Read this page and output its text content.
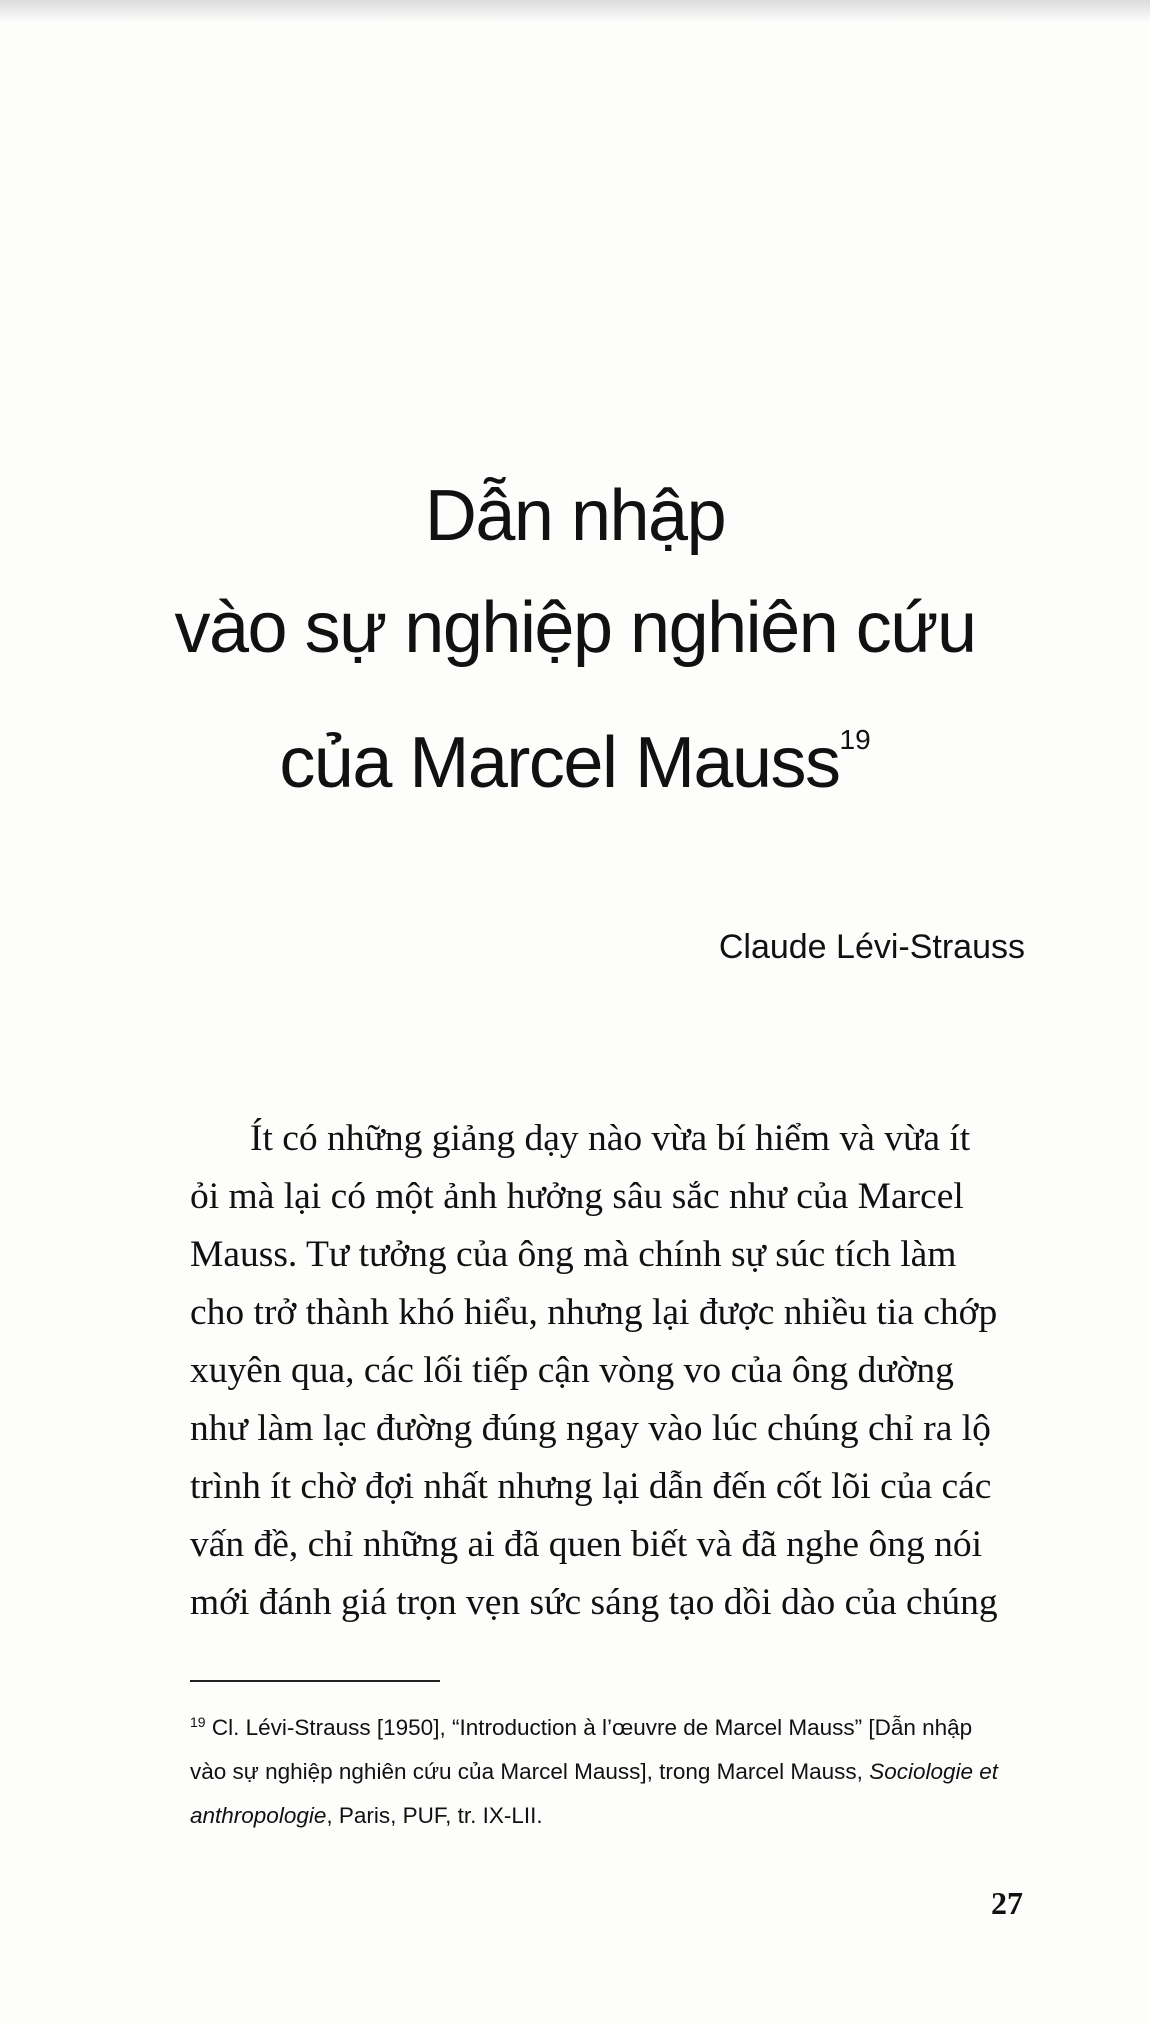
Dẫn nhập
vào sự nghiệp nghiên cứu
của Marcel Mauss$^{19}$
Claude Lévi-Strauss
Ít có những giảng dạy nào vừa bí hiểm và vừa ít
ỏi mà lại có một ảnh hưởng sâu sắc như của Marcel
Mauss. Tư tưởng của ông mà chính sự súc tích làm
cho trở thành khó hiểu, nhưng lại được nhiều tia chớp
xuyên qua, các lối tiếp cận vòng vo của ông dường
như làm lạc đường đúng ngay vào lúc chúng chỉ ra lộ
trình ít chờ đợi nhất nhưng lại dẫn đến cốt lõi của các
vấn đề, chỉ những ai đã quen biết và đã nghe ông nói
mới đánh giá trọn vẹn sức sáng tạo dồi dào của chúng
$^{19}$ Cl. Lévi-Strauss [1950], “Introduction à l’œuvre de Marcel Mauss” [Dẫn nhập
vào sự nghiệp nghiên cứu của Marcel Mauss], trong Marcel Mauss, Sociologie et
anthropologie, Paris, PUF, tr. IX-LII.
27
